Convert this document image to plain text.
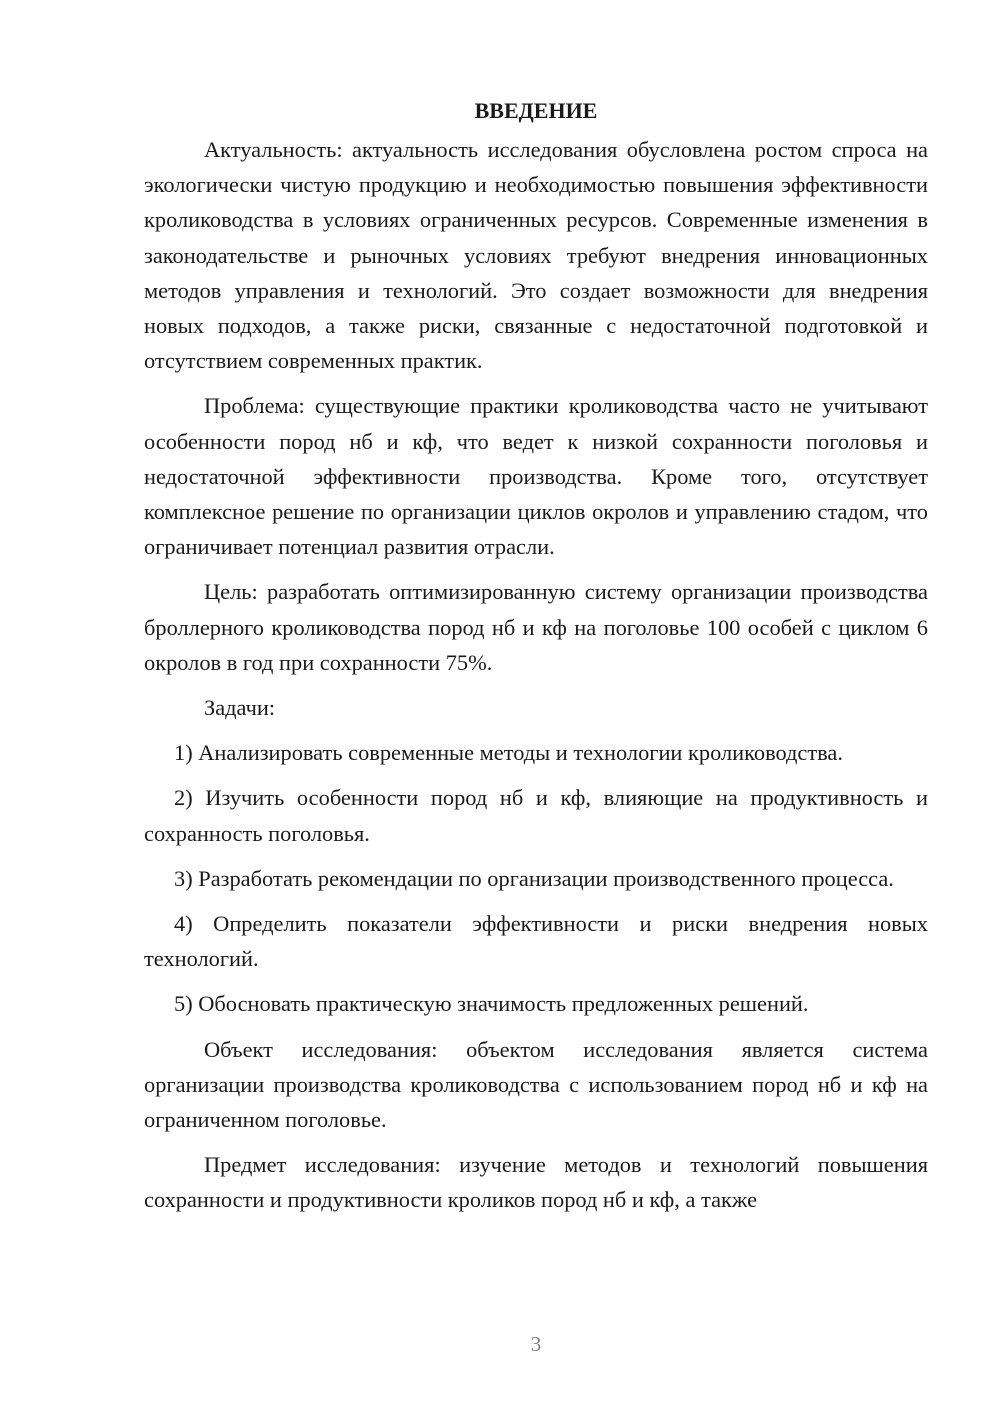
ВВЕДЕНИЕ

Актуальность: актуальность исследования обусловлена ростом спроса на экологически чистую продукцию и необходимостью повышения эффективности кролиководства в условиях ограниченных ресурсов. Современные изменения в законодательстве и рыночных условиях требуют внедрения инновационных методов управления и технологий. Это создает возможности для внедрения новых подходов, а также риски, связанные с недостаточной подготовкой и отсутствием современных практик.

Проблема: существующие практики кролиководства часто не учитывают особенности пород нб и кф, что ведет к низкой сохранности поголовья и недостаточной эффективности производства. Кроме того, отсутствует комплексное решение по организации циклов окролов и управлению стадом, что ограничивает потенциал развития отрасли.

Цель: разработать оптимизированную систему организации производства броллерного кролиководства пород нб и кф на поголовье 100 особей с циклом 6 окролов в год при сохранности 75%.

Задачи:

1) Анализировать современные методы и технологии кролиководства.

2) Изучить особенности пород нб и кф, влияющие на продуктивность и сохранность поголовья.

3) Разработать рекомендации по организации производственного процесса.

4) Определить показатели эффективности и риски внедрения новых технологий.

5) Обосновать практическую значимость предложенных решений.

Объект исследования: объектом исследования является система организации производства кролиководства с использованием пород нб и кф на ограниченном поголовье.

Предмет исследования: изучение методов и технологий повышения сохранности и продуктивности кроликов пород нб и кф, а также

3
